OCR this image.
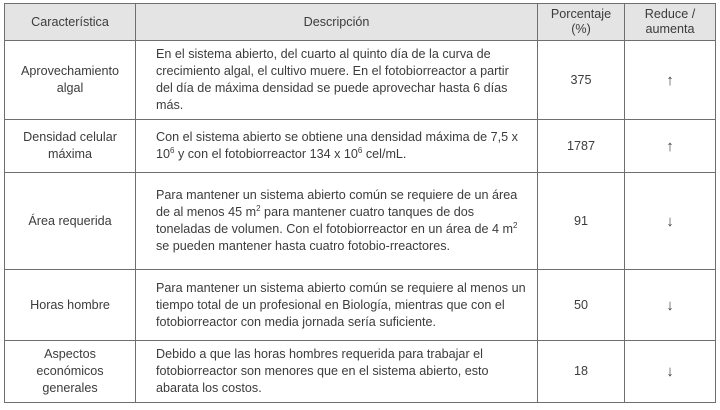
Característica	Descripción	Porcentaje (%)	Reduce / aumenta
Aprovechamiento algal	En el sistema abierto, del cuarto al quinto día de la curva de crecimiento algal, el cultivo muere. En el fotobiorreactor a partir del día de máxima densidad se puede aprovechar hasta 6 días más.	375	↑
Densidad celular máxima	Con el sistema abierto se obtiene una densidad máxima de 7,5 x $10^6$ y con el fotobiorreactor 134 x $10^6$ cel/mL.	1787	↑
Área requerida	Para mantener un sistema abierto común se requiere de un área de al menos 45 $m^2$ para mantener cuatro tanques de dos toneladas de volumen. Con el fotobiorreactor en un área de 4 $m^2$ se pueden mantener hasta cuatro fotobio-rreactores.	91	↓
Horas hombre	Para mantener un sistema abierto común se requiere al menos un tiempo total de un profesional en Biología, mientras que con el fotobiorreactor con media jornada sería suficiente.	50	↓
Aspectos económicos generales	Debido a que las horas hombres requerida para trabajar el fotobiorreactor son menores que en el sistema abierto, esto abarata los costos.	18	↓
